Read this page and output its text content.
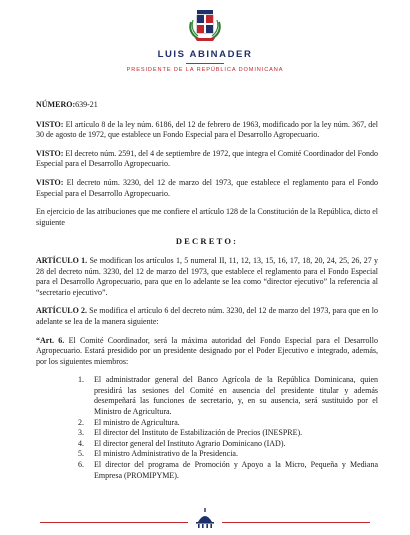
LUIS ABINADER
PRESIDENTE DE LA REPÚBLICA DOMINICANA

NÚMERO:639-21

VISTO: El artículo 8 de la ley núm. 6186, del 12 de febrero de 1963, modificado por la ley núm. 367, del 30 de agosto de 1972, que establece un Fondo Especial para el Desarrollo Agropecuario.

VISTO: El decreto núm. 2591, del 4 de septiembre de 1972, que integra el Comité Coordinador del Fondo Especial para el Desarrollo Agropecuario.

VISTO: El decreto núm. 3230, del 12 de marzo del 1973, que establece el reglamento para el Fondo Especial para el Desarrollo Agropecuario.

En ejercicio de las atribuciones que me confiere el artículo 128 de la Constitución de la República, dicto el siguiente

DECRETO:

ARTÍCULO 1. Se modifican los artículos 1, 5 numeral II, 11, 12, 13, 15, 16, 17, 18, 20, 24, 25, 26, 27 y 28 del decreto núm. 3230, del 12 de marzo del 1973, que establece el reglamento para el Fondo Especial para el Desarrollo Agropecuario, para que en lo adelante se lea como “director ejecutivo” la referencia al “secretario ejecutivo”.

ARTÍCULO 2. Se modifica el artículo 6 del decreto núm. 3230, del 12 de marzo del 1973, para que en lo adelante se lea de la manera siguiente:

“Art. 6. El Comité Coordinador, será la máxima autoridad del Fondo Especial para el Desarrollo Agropecuario. Estará presidido por un presidente designado por el Poder Ejecutivo e integrado, además, por los siguientes miembros:

1. El administrador general del Banco Agrícola de la República Dominicana, quien presidirá las sesiones del Comité en ausencia del presidente titular y además desempeñará las funciones de secretario, y, en su ausencia, será sustituido por el Ministro de Agricultura.
2. El ministro de Agricultura.
3. El director del Instituto de Estabilización de Precios (INESPRE).
4. El director general del Instituto Agrario Dominicano (IAD).
5. El ministro Administrativo de la Presidencia.
6. El director del programa de Promoción y Apoyo a la Micro, Pequeña y Mediana Empresa (PROMIPYME).
